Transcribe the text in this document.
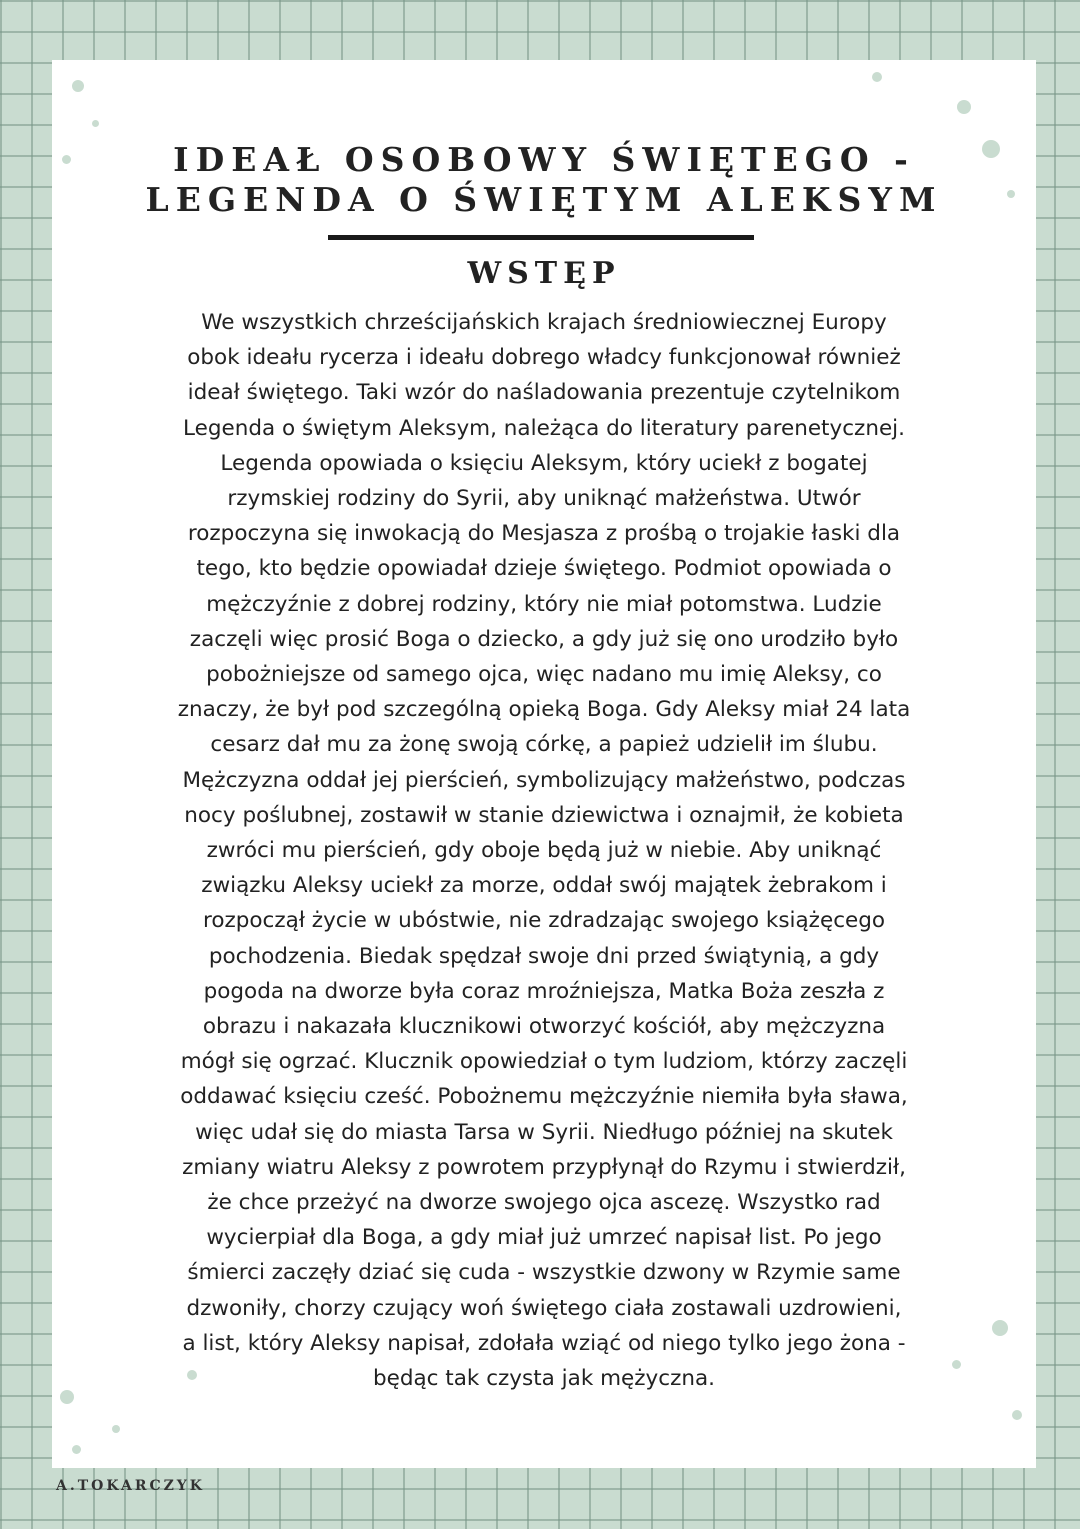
IDEAŁ OSOBOWY ŚWIĘTEGO -
LEGENDA O ŚWIĘTYM ALEKSYM
WSTĘP

We wszystkich chrześcijańskich krajach średniowiecznej Europy
obok ideału rycerza i ideału dobrego władcy funkcjonował również
ideał świętego. Taki wzór do naśladowania prezentuje czytelnikom
Legenda o świętym Aleksym, należąca do literatury parenetycznej.
Legenda opowiada o księciu Aleksym, który uciekł z bogatej
rzymskiej rodziny do Syrii, aby uniknąć małżeństwa. Utwór
rozpoczyna się inwokacją do Mesjasza z prośbą o trojakie łaski dla
tego, kto będzie opowiadał dzieje świętego. Podmiot opowiada o
mężczyźnie z dobrej rodziny, który nie miał potomstwa. Ludzie
zaczęli więc prosić Boga o dziecko, a gdy już się ono urodziło było
pobożniejsze od samego ojca, więc nadano mu imię Aleksy, co
znaczy, że był pod szczególną opieką Boga. Gdy Aleksy miał 24 lata
cesarz dał mu za żonę swoją córkę, a papież udzielił im ślubu.
Mężczyzna oddał jej pierścień, symbolizujący małżeństwo, podczas
nocy poślubnej, zostawił w stanie dziewictwa i oznajmił, że kobieta
zwróci mu pierścień, gdy oboje będą już w niebie. Aby uniknąć
związku Aleksy uciekł za morze, oddał swój majątek żebrakom i
rozpoczął życie w ubóstwie, nie zdradzając swojego książęcego
pochodzenia. Biedak spędzał swoje dni przed świątynią, a gdy
pogoda na dworze była coraz mroźniejsza, Matka Boża zeszła z
obrazu i nakazała klucznikowi otworzyć kościół, aby mężczyzna
mógł się ogrzać. Klucznik opowiedział o tym ludziom, którzy zaczęli
oddawać księciu cześć. Pobożnemu mężczyźnie niemiła była sława,
więc udał się do miasta Tarsa w Syrii. Niedługo później na skutek
zmiany wiatru Aleksy z powrotem przypłynął do Rzymu i stwierdził,
że chce przeżyć na dworze swojego ojca ascezę. Wszystko rad
wycierpiał dla Boga, a gdy miał już umrzeć napisał list. Po jego
śmierci zaczęły dziać się cuda - wszystkie dzwony w Rzymie same
dzwoniły, chorzy czujący woń świętego ciała zostawali uzdrowieni,
a list, który Aleksy napisał, zdołała wziąć od niego tylko jego żona -
będąc tak czysta jak mężyczna.

A.TOKARCZYK
